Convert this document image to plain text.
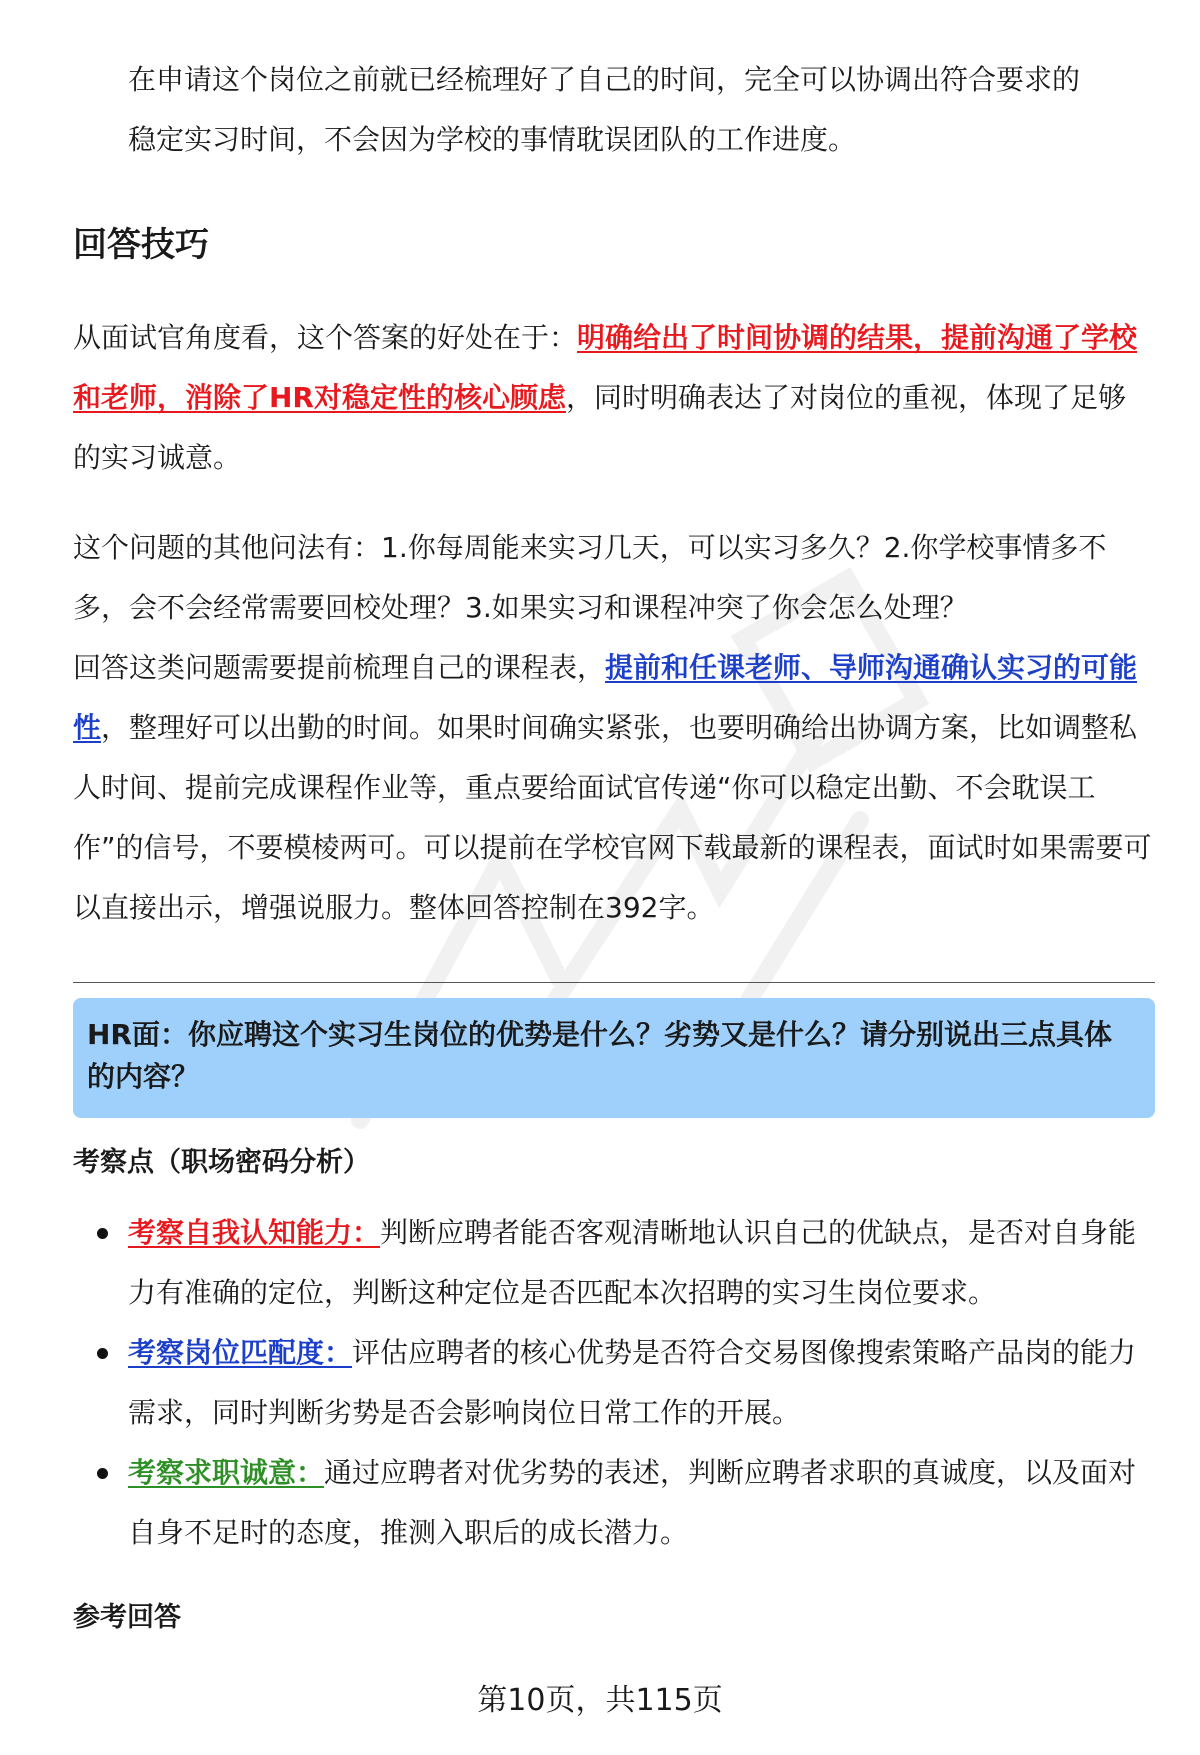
在申请这个岗位之前就已经梳理好了自己的时间，完全可以协调出符合要求的

稳定实习时间，不会因为学校的事情耽误团队的工作进度。

回答技巧

从面试官角度看，这个答案的好处在于：明确给出了时间协调的结果，提前沟通了学校和老师，消除了HR对稳定性的核心顾虑，同时明确表达了对岗位的重视，体现了足够的实习诚意。

这个问题的其他问法有：1.你每周能来实习几天，可以实习多久？2.你学校事情多不多，会不会经常需要回校处理？3.如果实习和课程冲突了你会怎么处理？

回答这类问题需要提前梳理自己的课程表，提前和任课老师、导师沟通确认实习的可能性，整理好可以出勤的时间。如果时间确实紧张，也要明确给出协调方案，比如调整私人时间、提前完成课程作业等，重点要给面试官传递“你可以稳定出勤、不会耽误工作”的信号，不要模棱两可。可以提前在学校官网下载最新的课程表，面试时如果需要可以直接出示，增强说服力。整体回答控制在392字。

HR面：你应聘这个实习生岗位的优势是什么？劣势又是什么？请分别说出三点具体的内容？

考察点（职场密码分析）
考察自我认知能力：判断应聘者能否客观清晰地认识自己的优缺点，是否对自身能力有准确的定位，判断这种定位是否匹配本次招聘的实习生岗位要求。
考察岗位匹配度：评估应聘者的核心优势是否符合交易图像搜索策略产品岗的能力需求，同时判断劣势是否会影响岗位日常工作的开展。
考察求职诚意：通过应聘者对优劣势的表述，判断应聘者求职的真诚度，以及面对自身不足时的态度，推测入职后的成长潜力。
参考回答

第10页，共115页
